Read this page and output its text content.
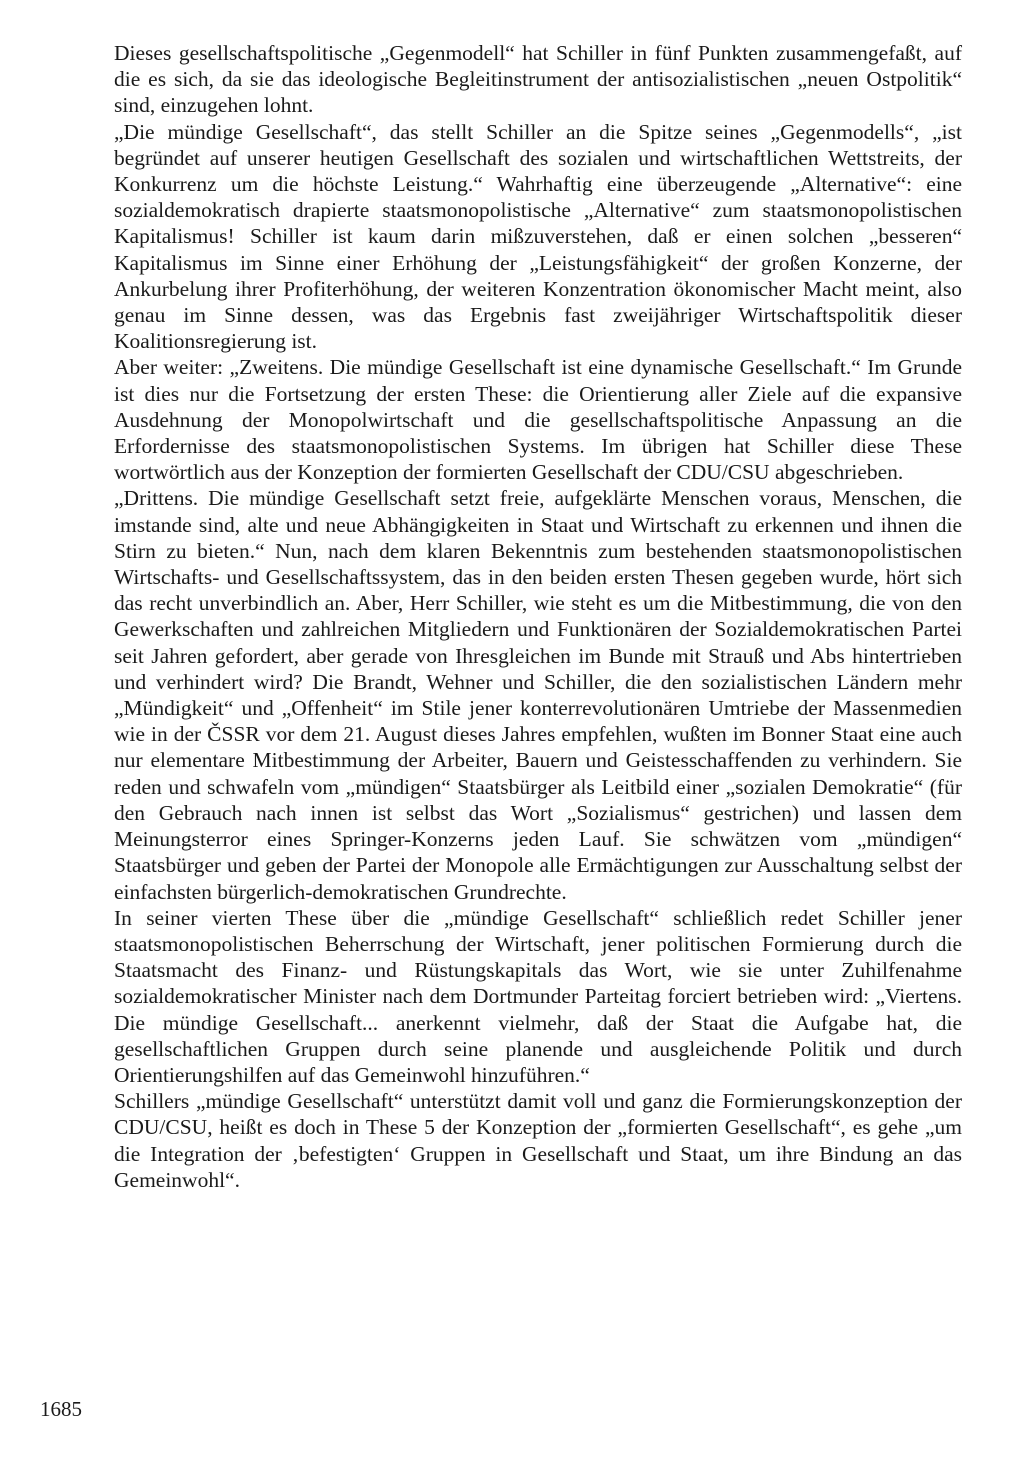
Dieses gesellschaftspolitische „Gegenmodell“ hat Schiller in fünf Punkten zusammengefaßt, auf die es sich, da sie das ideologische Begleitinstrument der antisozialistischen „neuen Ostpolitik“ sind, einzugehen lohnt.

„Die mündige Gesellschaft“, das stellt Schiller an die Spitze seines „Gegenmodells“, „ist begründet auf unserer heutigen Gesellschaft des sozialen und wirtschaftlichen Wettstreits, der Konkurrenz um die höchste Leistung.“ Wahrhaftig eine überzeugende „Alternative“: eine sozialdemokratisch drapierte staatsmonopolistische „Alternative“ zum staatsmonopolistischen Kapitalismus! Schiller ist kaum darin mißzuverstehen, daß er einen solchen „besseren“ Kapitalismus im Sinne einer Erhöhung der „Leistungsfähigkeit“ der großen Konzerne, der Ankurbelung ihrer Profiterhöhung, der weiteren Konzentration ökonomischer Macht meint, also genau im Sinne dessen, was das Ergebnis fast zweijähriger Wirtschaftspolitik dieser Koalitionsregierung ist.

Aber weiter: „Zweitens. Die mündige Gesellschaft ist eine dynamische Gesellschaft.“ Im Grunde ist dies nur die Fortsetzung der ersten These: die Orientierung aller Ziele auf die expansive Ausdehnung der Monopolwirtschaft und die gesellschaftspolitische Anpassung an die Erfordernisse des staatsmonopolistischen Systems. Im übrigen hat Schiller diese These wortwörtlich aus der Konzeption der formierten Gesellschaft der CDU/CSU abgeschrieben.

„Drittens. Die mündige Gesellschaft setzt freie, aufgeklärte Menschen voraus, Menschen, die imstande sind, alte und neue Abhängigkeiten in Staat und Wirtschaft zu erkennen und ihnen die Stirn zu bieten.“ Nun, nach dem klaren Bekenntnis zum bestehenden staatsmonopolistischen Wirtschafts- und Gesellschaftssystem, das in den beiden ersten Thesen gegeben wurde, hört sich das recht unverbindlich an. Aber, Herr Schiller, wie steht es um die Mitbestimmung, die von den Gewerkschaften und zahlreichen Mitgliedern und Funktionären der Sozialdemokratischen Partei seit Jahren gefordert, aber gerade von Ihresgleichen im Bunde mit Strauß und Abs hintertrieben und verhindert wird? Die Brandt, Wehner und Schiller, die den sozialistischen Ländern mehr „Mündigkeit“ und „Offenheit“ im Stile jener konterrevolutionären Umtriebe der Massenmedien wie in der ČSSR vor dem 21. August dieses Jahres empfehlen, wußten im Bonner Staat eine auch nur elementare Mitbestimmung der Arbeiter, Bauern und Geistesschaffenden zu verhindern. Sie reden und schwafeln vom „mündigen“ Staatsbürger als Leitbild einer „sozialen Demokratie“ (für den Gebrauch nach innen ist selbst das Wort „Sozialismus“ gestrichen) und lassen dem Meinungsterror eines Springer-Konzerns jeden Lauf. Sie schwätzen vom „mündigen“ Staatsbürger und geben der Partei der Monopole alle Ermächtigungen zur Ausschaltung selbst der einfachsten bürgerlich-demokratischen Grundrechte.

In seiner vierten These über die „mündige Gesellschaft“ schließlich redet Schiller jener staatsmonopolistischen Beherrschung der Wirtschaft, jener politischen Formierung durch die Staatsmacht des Finanz- und Rüstungskapitals das Wort, wie sie unter Zuhilfenahme sozialdemokratischer Minister nach dem Dortmunder Parteitag forciert betrieben wird: „Viertens. Die mündige Gesellschaft... anerkennt vielmehr, daß der Staat die Aufgabe hat, die gesellschaftlichen Gruppen durch seine planende und ausgleichende Politik und durch Orientierungshilfen auf das Gemeinwohl hinzuführen.“

Schillers „mündige Gesellschaft“ unterstützt damit voll und ganz die Formierungskonzeption der CDU/CSU, heißt es doch in These 5 der Konzeption der „formierten Gesellschaft“, es gehe „um die Integration der ‚befestigten‘ Gruppen in Gesellschaft und Staat, um ihre Bindung an das Gemeinwohl“.

1685
